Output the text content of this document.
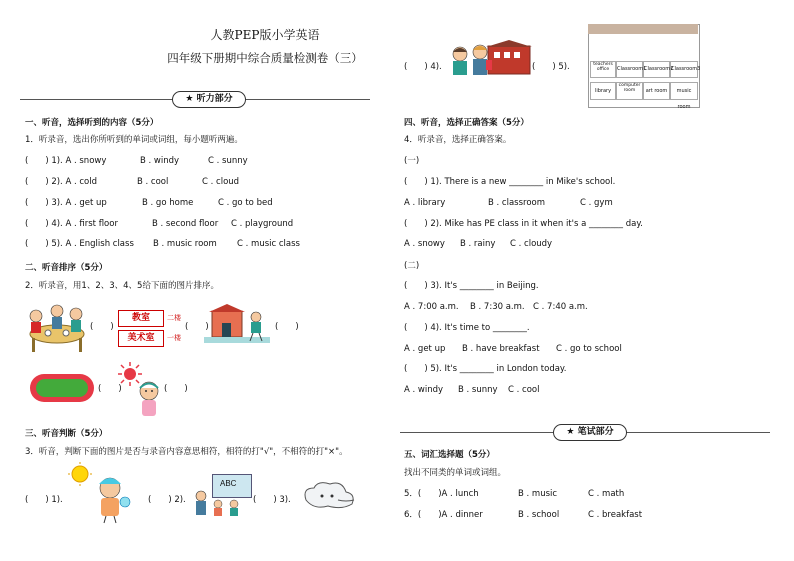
人教PEP版小学英语
四年级下册期中综合质量检测卷（三）
★ 听力部分
一、听音，选择听到的内容（5分）
1．听录音，选出你所听到的单词或词组，每小题听两遍。
(　　) 1). A . snowy	B . windy	C . sunny
(　　) 2). A . cold	B . cool	C . cloud
(　　) 3). A . get up	B . go home	C . go to bed
(　　) 4). A . first floor	B . second floor C . playground
(　　) 5). A . English class B . music room C . music class
二、听音排序（5分）
2．听录音，用1、2、3、4、5给下面的图片排序。
(　　)
教室
美术室
二楼
一楼
(　　)	(　　)
(　　)	(　　)
三、听音判断（5分）
3．听音，判断下面的图片是否与录音内容意思相符，相符的打"√"，不相符的打"×"。
(　　) 1).	(　　) 2).
ABC
(　　) 3).
(　　) 4).	(　　) 5).	teachers office	Classroom1
Classroom2
Classroom3
library
computer room	art room	music room
四、听音，选择正确答案（5分）
4．听录音，选择正确答案。
(一)
(　　) 1). There is a new ________ in Mike's school.
A . library	B . classroom	C . gym
(　　) 2). Mike has PE class in it when it's a ________ day.
A . snowy B . rainy C . cloudy
(二)
(　　) 3). It's ________ in Beijing.
A . 7:00 a.m. B . 7:30 a.m. C . 7:40 a.m.
(　　) 4). It's time to ________.
A . get up B . have breakfast C . go to school
(　　) 5). It's ________ in London today.
A . windy B . sunny C . cool
★ 笔试部分
五、词汇选择题（5分）
找出不同类的单词或词组。
5．(　　)A . lunch	B . music	C . math
6．(　　)A . dinner	B . school	C . breakfast
